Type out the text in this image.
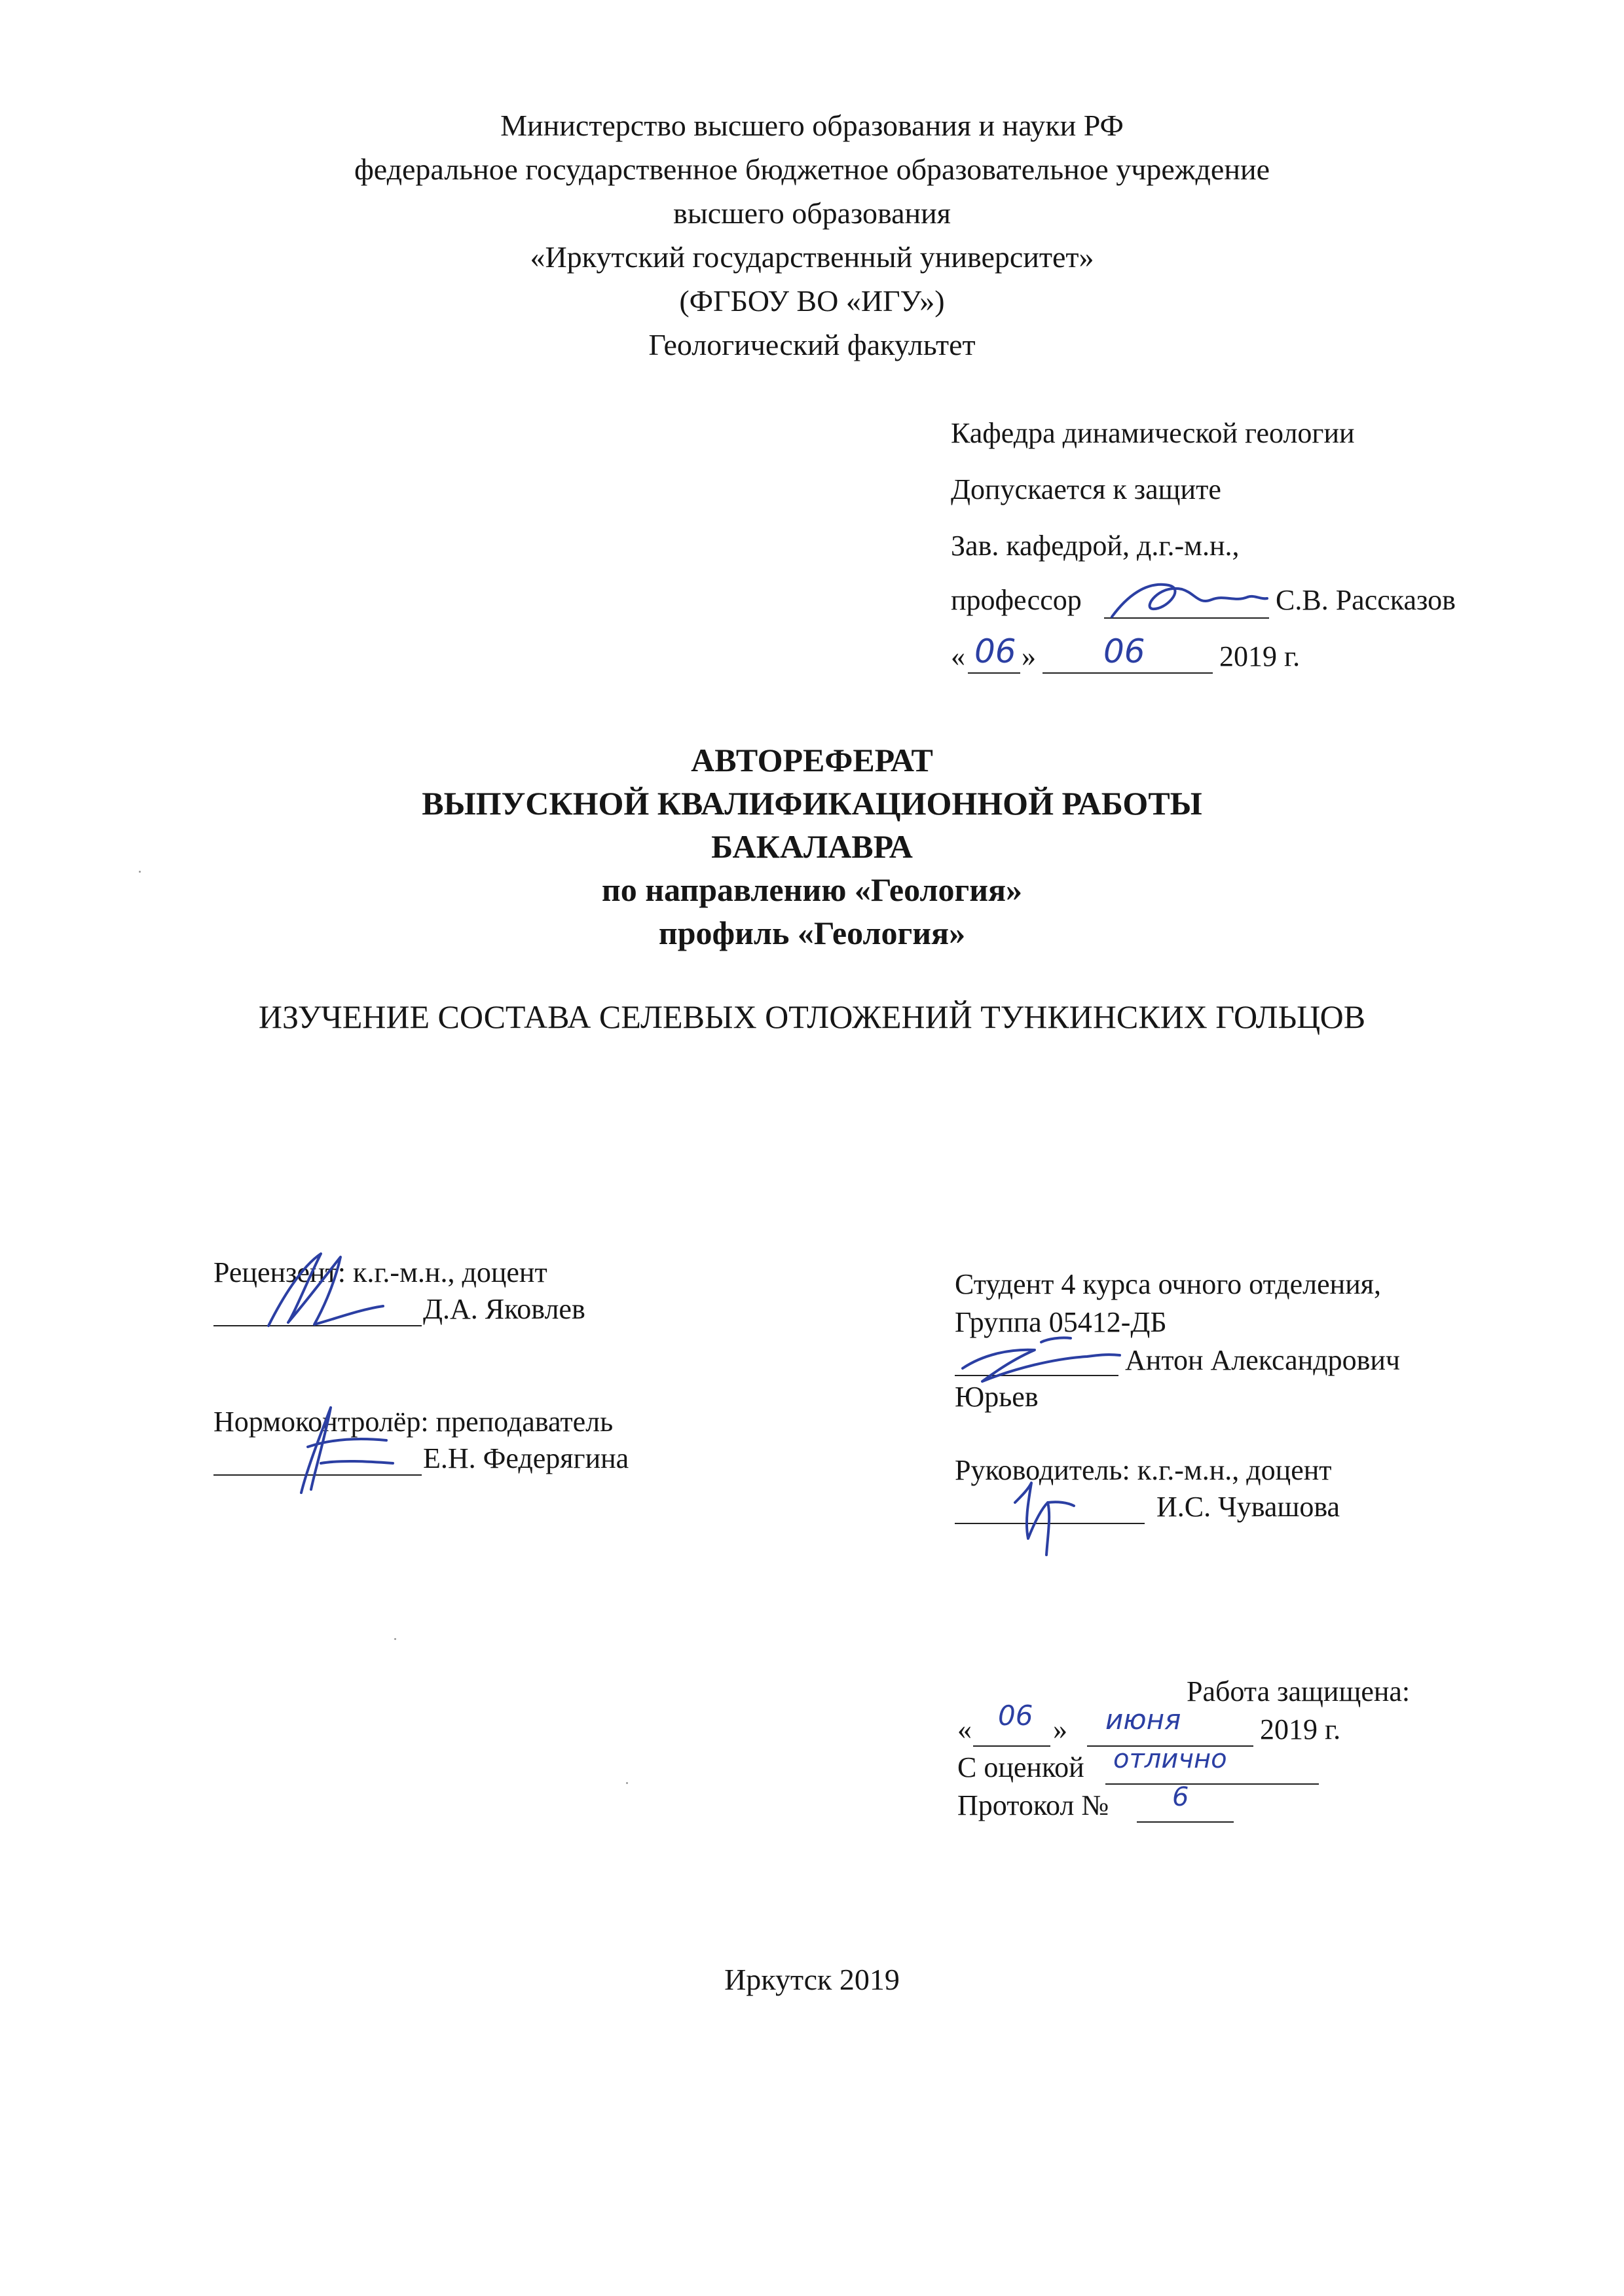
Министерство высшего образования и науки РФ
федеральное государственное бюджетное образовательное учреждение
высшего образования
«Иркутский государственный университет»
(ФГБОУ ВО «ИГУ»)
Геологический факультет
Кафедра динамической геологии
Допускается к защите
Зав. кафедрой, д.г.-м.н.,
профессор	С.В. Рассказов
« 06 » 06	2019 г.
АВТОРЕФЕРАТ
ВЫПУСКНОЙ КВАЛИФИКАЦИОННОЙ РАБОТЫ
БАКАЛАВРА
по направлению «Геология»
профиль «Геология»
ИЗУЧЕНИЕ СОСТАВА СЕЛЕВЫХ ОТЛОЖЕНИЙ ТУНКИНСКИХ ГОЛЬЦОВ
Рецензент: к.г.-м.н., доцент
Д.А. Яковлев
Нормоконтролёр: преподаватель
Е.Н. Федерягина
Студент 4 курса очного отделения,
Группа 05412-ДБ
Антон Александрович
Юрьев
Руководитель: к.г.-м.н., доцент
И.С. Чувашова
Работа защищена:
« 06 » июня	2019 г.
С оценкой отлично
Протокол № 6
Иркутск 2019
